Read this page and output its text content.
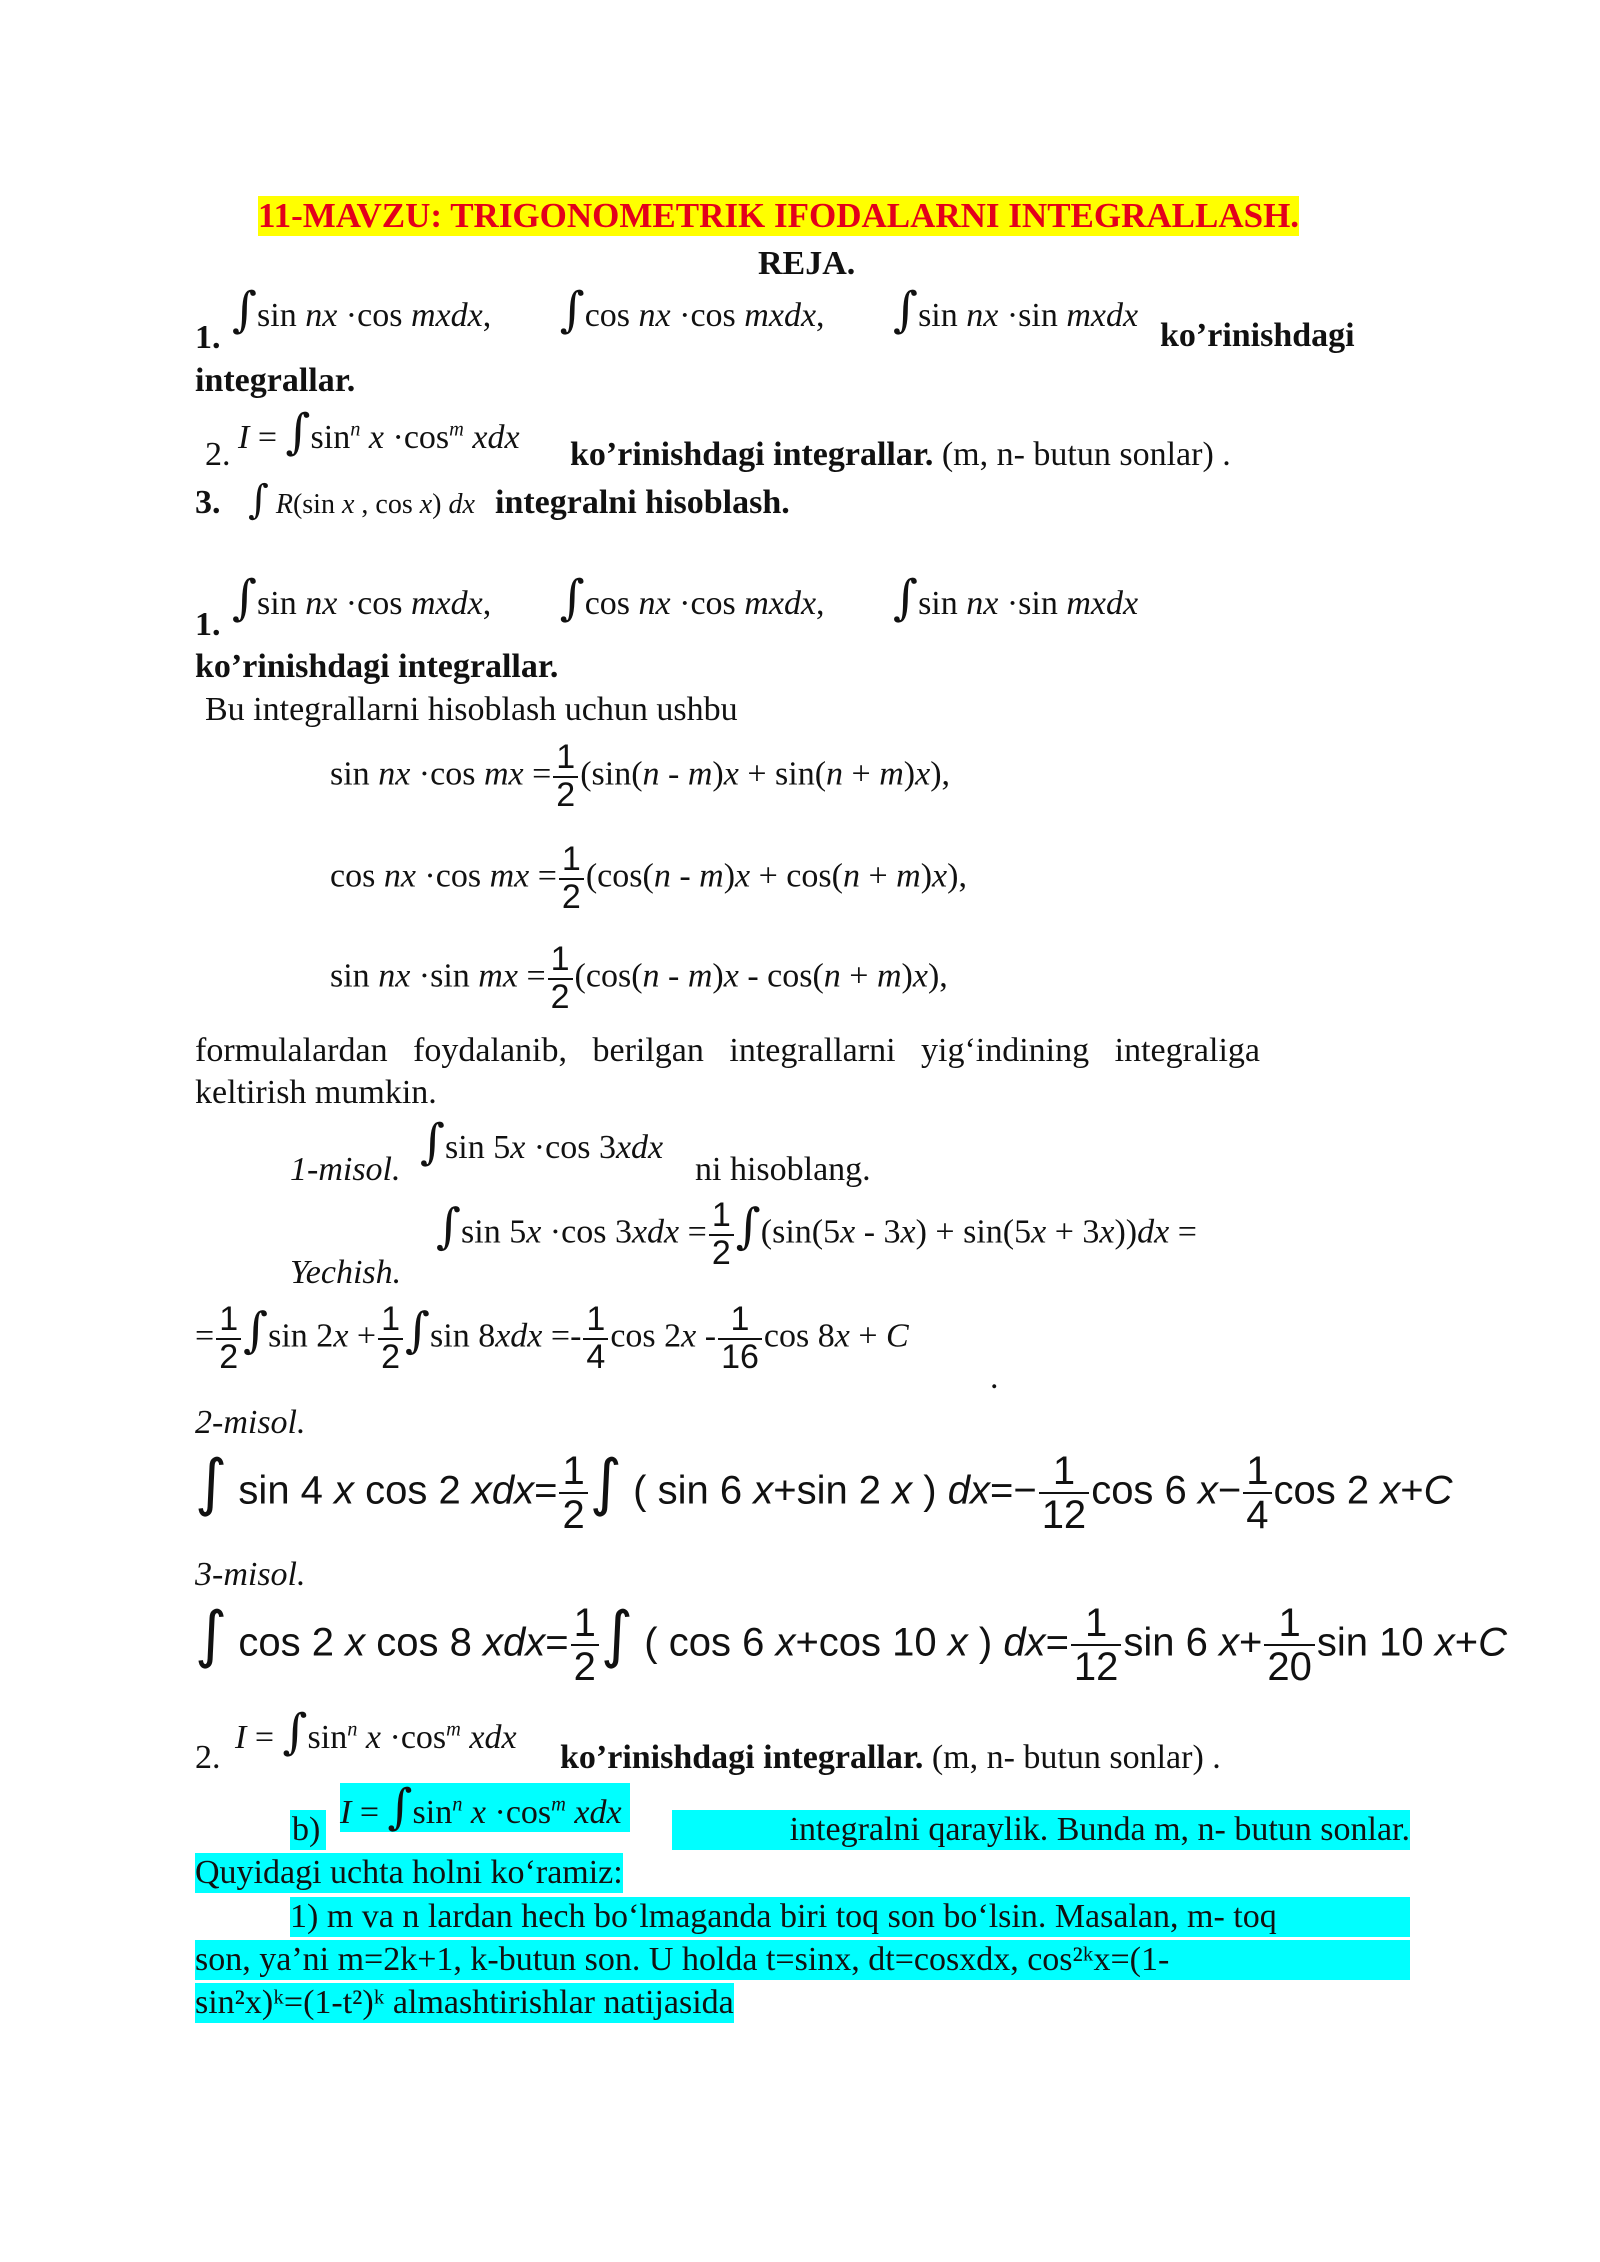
11-MAVZU: TRIGONOMETRIK IFODALARNI INTEGRALLASH.
REJA.
1. ∫sin nx ·cos mxdx, ∫cos nx ·cos mxdx, ∫sin nx ·sin mxdx
ko’rinishdagi
integrallar.
2. $I = \int\sin^n$ $x \cdot\cos^m$ xdx ko’rinishdagi integrallar. (m, n- butun sonlar) .
3. ∫ R(sin x , cos x) dx integralni hisoblash.
1. ∫sin nx ·cos mxdx, ∫cos nx ·cos mxdx, ∫sin nx ·sin mxdx
ko’rinishdagi integrallar.
Bu integrallarni hisoblash uchun ushbu
sin nx ·cos mx = $\frac{1}{2} (\sin(n - m)x + \sin(n + m)x)$,
cos nx ·cos mx = $\frac{1}{2} (\cos(n - m)x + \cos(n + m)x)$,
sin nx ·sin mx = $\frac{1}{2} (\cos(n - m)x - \cos(n + m)x)$,
formulalardan   foydalanib,   berilgan   integrallarni   yig‘indining   integraliga
keltirish mumkin.
1-misol. ∫sin 5x ·cos 3xdx
ni hisoblang.
∫sin 5x ·cos $3xdx = \frac{1}{2} \int(\sin(5x - 3x) + \sin(5x + 3x))dx$ =
Yechish.
= $\frac{1}{2} \int\sin$ $2x + \frac{1}{2} \int\sin$ $8xdx =- \frac{1}{4}$ $\cos 2x - \frac{1}{16}$ cos 8x + C
.
2-misol.
∫ sin 4 x cos 2 $xdx= \frac{1}{2}$ ∫ ( sin 6 x+sin 2 x ) $dx=- \frac{1}{12}$ cos 6 $x- \frac{1}{4}$ cos 2 x+C
3-misol.
∫ cos 2 x cos 8 $xdx= \frac{1}{2}$ ∫ ( cos 6 x+cos 10 x ) $dx= \frac{1}{12}$ sin 6 $x+ \frac{1}{20}$ sin 10 x+C
2.
$I = \int\sin^n$ $x \cdot\cos^m$ xdx
ko’rinishdagi integrallar. (m, n- butun sonlar) .
b) $I = \int\sin^n$ $x \cdot\cos^m$ xdx	integralni qaraylik. Bunda m, n- butun sonlar.
Quyidagi uchta holni ko‘ramiz:
1) m va n lardan hech bo‘lmaganda biri toq son bo‘lsin. Masalan, m- toq
son, ya’ni m=2k+1, k-butun son. U holda t=sinx, dt=cosxdx, cos²ᵏx=(1-
sin²x)ᵏ=(1-t²)ᵏ almashtirishlar natijasida
